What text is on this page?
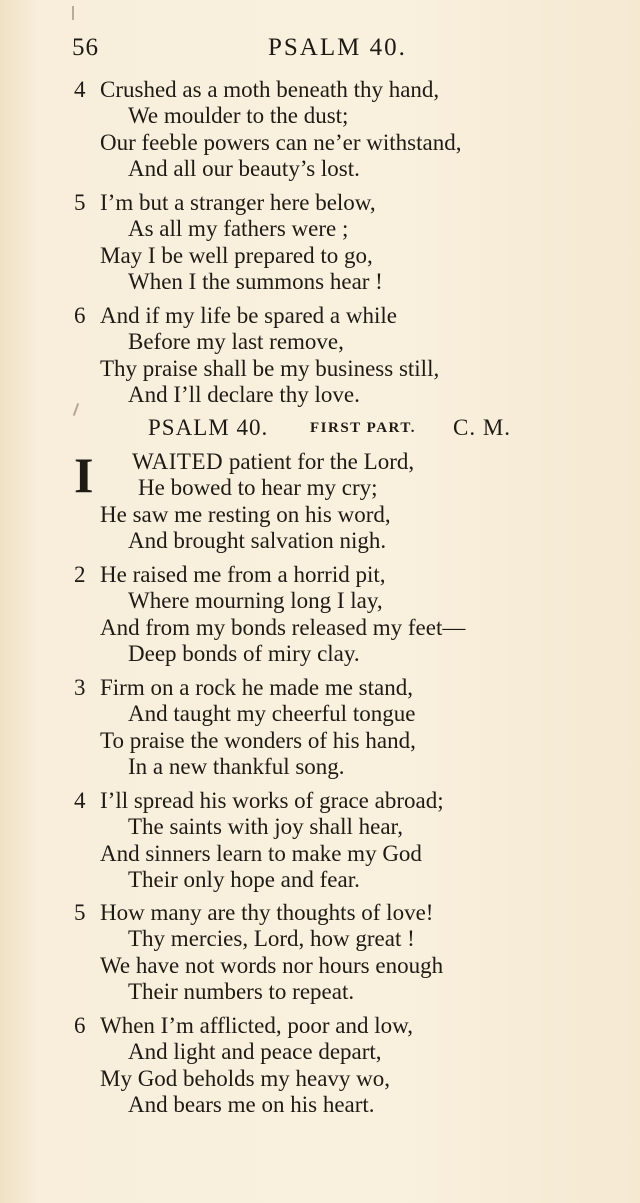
56	PSALM 40.
4 Crushed as a moth beneath thy hand,
We moulder to the dust;
Our feeble powers can ne’er withstand,
And all our beauty’s lost.
5 I’m but a stranger here below,
As all my fathers were ;
May I be well prepared to go,
When I the summons hear !
6 And if my life be spared a while
Before my last remove,
Thy praise shall be my business still,
And I’ll declare thy love.
PSALM 40.	FIRST PART. C. M.
I WAITED patient for the Lord,
He bowed to hear my cry;
He saw me resting on his word,
And brought salvation nigh.
2 He raised me from a horrid pit,
Where mourning long I lay,
And from my bonds released my feet—
Deep bonds of miry clay.
3 Firm on a rock he made me stand,
And taught my cheerful tongue
To praise the wonders of his hand,
In a new thankful song.
4 I’ll spread his works of grace abroad;
The saints with joy shall hear,
And sinners learn to make my God
Their only hope and fear.
5 How many are thy thoughts of love!
Thy mercies, Lord, how great !
We have not words nor hours enough
Their numbers to repeat.
6 When I’m afflicted, poor and low,
And light and peace depart,
My God beholds my heavy wo,
And bears me on his heart.
